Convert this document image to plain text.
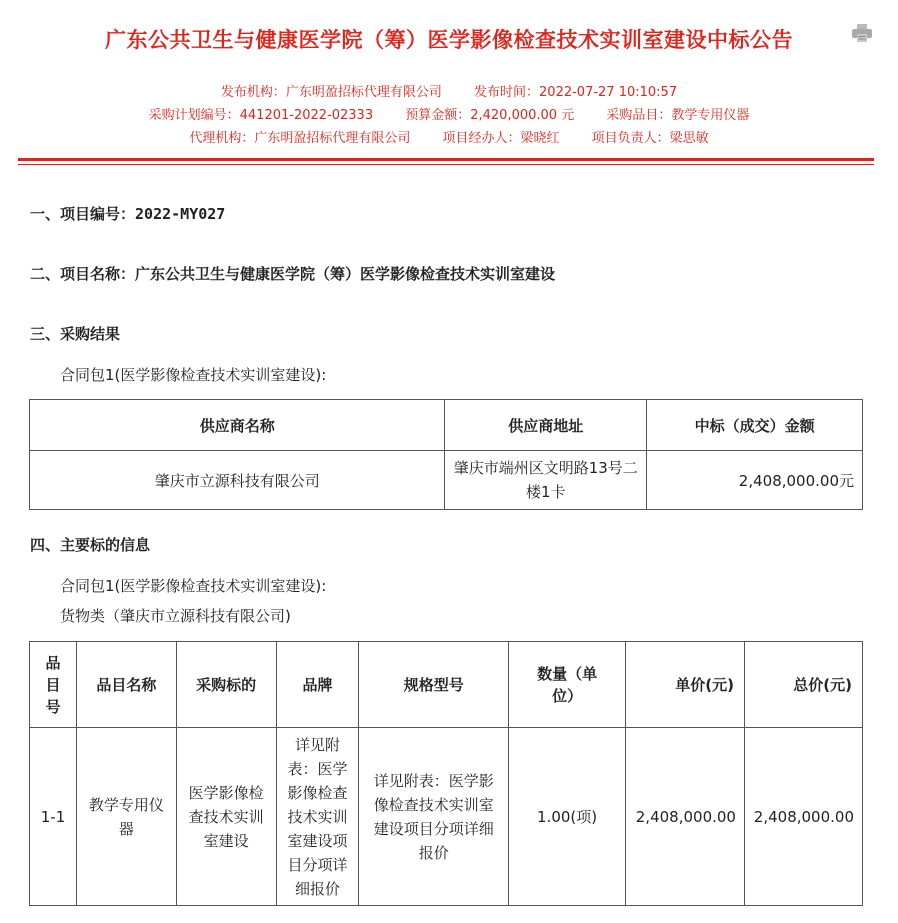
广东公共卫生与健康医学院（筹）医学影像检查技术实训室建设中标公告
发布机构：广东明盈招标代理有限公司 发布时间：2022-07-27 10:10:57
采购计划编号：441201-2022-02333 预算金额：2,420,000.00 元 采购品目：教学专用仪器
代理机构：广东明盈招标代理有限公司 项目经办人：梁晓红 项目负责人：梁思敏
一、项目编号：2022-MY027
二、项目名称：广东公共卫生与健康医学院（筹）医学影像检查技术实训室建设
三、采购结果
合同包1(医学影像检查技术实训室建设):
供应商名称	供应商地址	中标（成交）金额
肇庆市立源科技有限公司	肇庆市端州区文明路13号二楼1卡	2,408,000.00元
四、主要标的信息
合同包1(医学影像检查技术实训室建设):
货物类（肇庆市立源科技有限公司)
品目号	品目名称	采购标的	品牌	规格型号	数量（单位）	单价(元)	总价(元)
1-1	教学专用仪器	医学影像检查技术实训室建设	详见附表：医学影像检查技术实训室建设项目分项详细报价	详见附表：医学影像检查技术实训室建设项目分项详细报价	1.00(项)	2,408,000.00	2,408,000.00
